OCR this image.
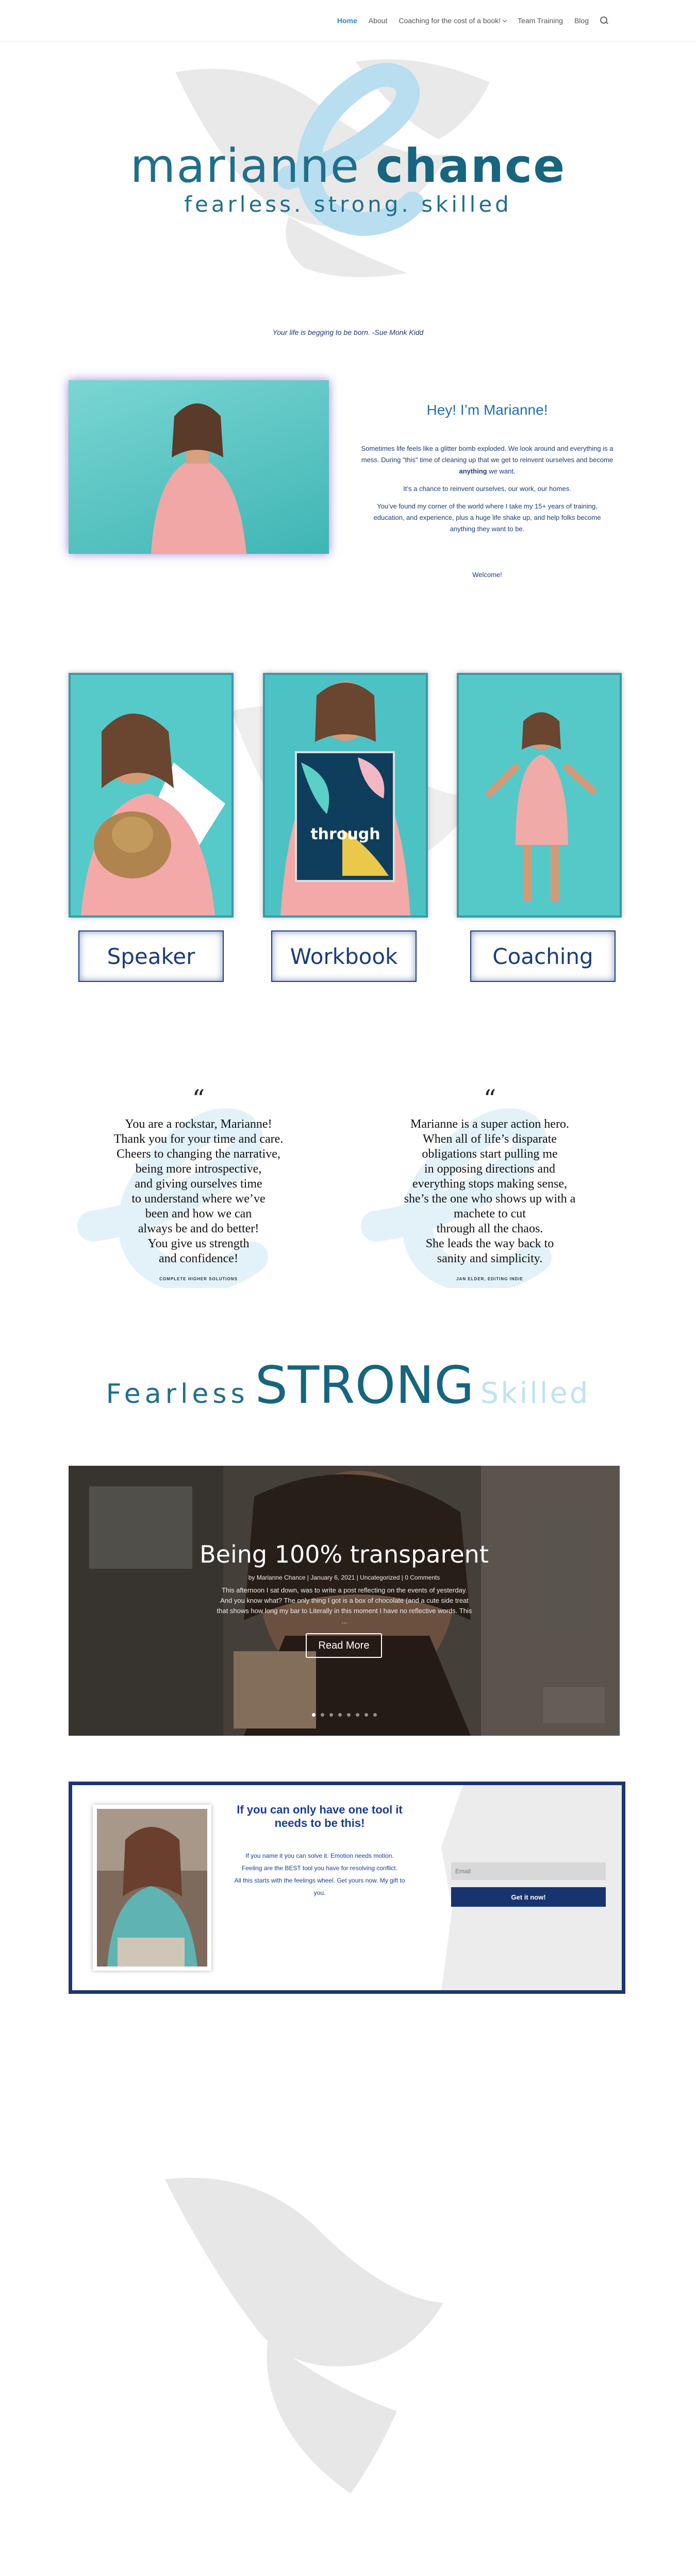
Home About Coaching for the cost of a book!	Team Training Blog
marianne chance
fearless. strong. skilled
Your life is begging to be born. -Sue Monk Kidd
Hey! I’m Marianne!

Sometimes life feels like a glitter bomb exploded. We look around and everything is a mess. During "this" time of cleaning up that we get to reinvent ourselves and become anything we want.

It’s a chance to reinvent ourselves, our work, our homes.

You’ve found my corner of the world where I take my 15+ years of training, education, and experience, plus a huge life shake up, and help folks become anything they want to be.

Welcome!
through
Speaker	Workbook	Coaching
“
You are a rockstar, Marianne!
Thank you for your time and care.
Cheers to changing the narrative,
being more introspective,
and giving ourselves time
to understand where we’ve
been and how we can
always be and do better!
You give us strength
and confidence!
COMPLETE HIGHER SOLUTIONS
“
Marianne is a super action hero.
When all of life’s disparate
obligations start pulling me
in opposing directions and
everything stops making sense,
she’s the one who shows up with a
machete to cut
through all the chaos.
She leads the way back to
sanity and simplicity.
JAN ELDER, EDITING INDIE
Fearless STRONG Skilled
Being 100% transparent
by Marianne Chance | January 6, 2021 | Uncategorized | 0 Comments
This afternoon I sat down, was to write a post reflecting on the events of yesterday. And you know what? The only thing I got is a box of chocolate (and a cute side treat that shows how long my bar to Literally in this moment I have no reflective words. This ...
Read More
If you can only have one tool it needs to be this!
If you name it you can solve it. Emotion needs motion.
Feeling are the BEST tool you have for resolving conflict.
All this starts with the feelings wheel. Get yours now. My gift to you.
Email
Get it now!
